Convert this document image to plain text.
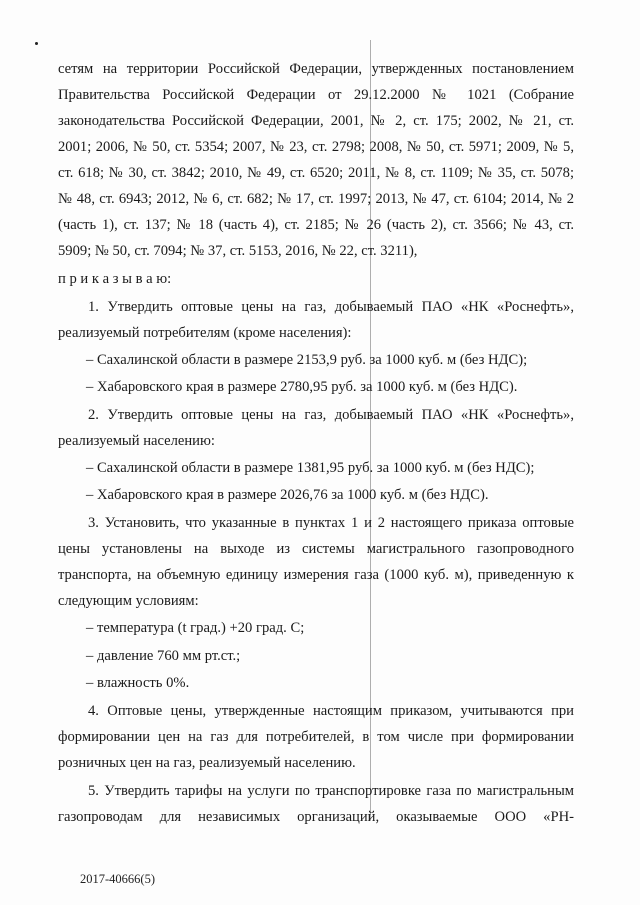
сетям на территории Российской Федерации, утвержденных постановлением
Правительства Российской Федерации от 29.12.2000 № 1021 (Собрание
законодательства Российской Федерации, 2001, № 2, ст. 175; 2002, № 21, ст.
2001; 2006, № 50, ст. 5354; 2007, № 23, ст. 2798; 2008, № 50, ст. 5971; 2009, № 5,
ст. 618; № 30, ст. 3842; 2010, № 49, ст. 6520; 2011, № 8, ст. 1109; № 35, ст. 5078;
№ 48, ст. 6943; 2012, № 6, ст. 682; № 17, ст. 1997; 2013, № 47, ст. 6104; 2014, № 2
(часть 1), ст. 137; № 18 (часть 4), ст. 2185; № 26 (часть 2), ст. 3566; № 43, ст.
5909; № 50, ст. 7094; № 37, ст. 5153, 2016, № 22, ст. 3211),
п р и к а з ы в а ю:
1. Утвердить оптовые цены на газ, добываемый ПАО «НК «Роснефть»,
реализуемый потребителям (кроме населения):
– Сахалинской области в размере 2153,9 руб. за 1000 куб. м (без НДС);
– Хабаровского края в размере 2780,95 руб. за 1000 куб. м (без НДС).
2. Утвердить оптовые цены на газ, добываемый ПАО «НК «Роснефть»,
реализуемый населению:
– Сахалинской области в размере 1381,95 руб. за 1000 куб. м (без НДС);
– Хабаровского края в размере 2026,76 за 1000 куб. м (без НДС).
3. Установить, что указанные в пунктах 1 и 2 настоящего приказа оптовые
цены установлены на выходе из системы магистрального газопроводного
транспорта, на объемную единицу измерения газа (1000 куб. м), приведенную к
следующим условиям:
– температура (t град.) +20 град. С;
– давление 760 мм рт.ст.;
– влажность 0%.
4. Оптовые цены, утвержденные настоящим приказом, учитываются при
формировании цен на газ для потребителей, в том числе при формировании
розничных цен на газ, реализуемый населению.
5. Утвердить тарифы на услуги по транспортировке газа по магистральным
газопроводам для независимых организаций, оказываемые ООО «РН-
2017-40666(5)
